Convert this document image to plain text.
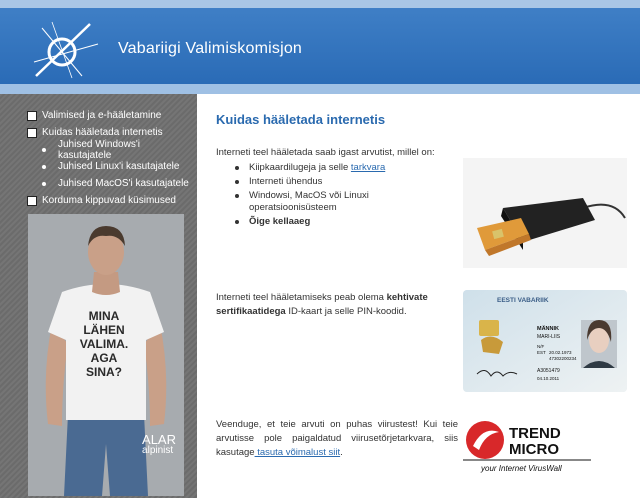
Vabariigi Valimiskomisjon
Valimised ja e-hääletamine
Kuidas hääletada internetis
Juhised Windows'i kasutajatele
Juhised Linux'i kasutajatele
Juhised MacOS'i kasutajatele
Korduma kippuvad küsimused
MINA
LÄHEN
VALIMA.
AGA
SINA?
ALAR
alpinist
Kuidas hääletada internetis
Interneti teel hääletada saab igast arvutist, millel on:
Kiipkaardilugeja ja selle tarkvara
Interneti ühendus
Windowsi, MacOS või Linuxi operatsioonisüsteem
Õige kellaaeg
Interneti teel hääletamiseks peab olema kehtivate sertifikaatidega ID-kaart ja selle PIN-koodid.
EESTI VABARIIK
MÄNNIK
MARI-LIIS
N/F
EST 20.02.1973
47302200234
A3051479
04.10.2011
Veenduge, et teie arvuti on puhas viirustest! Kui teie arvutisse pole paigaldatud viirusetõrjetarkvara, siis kasutage tasuta võimalust siit.
TREND
MICRO
your Internet VirusWall
